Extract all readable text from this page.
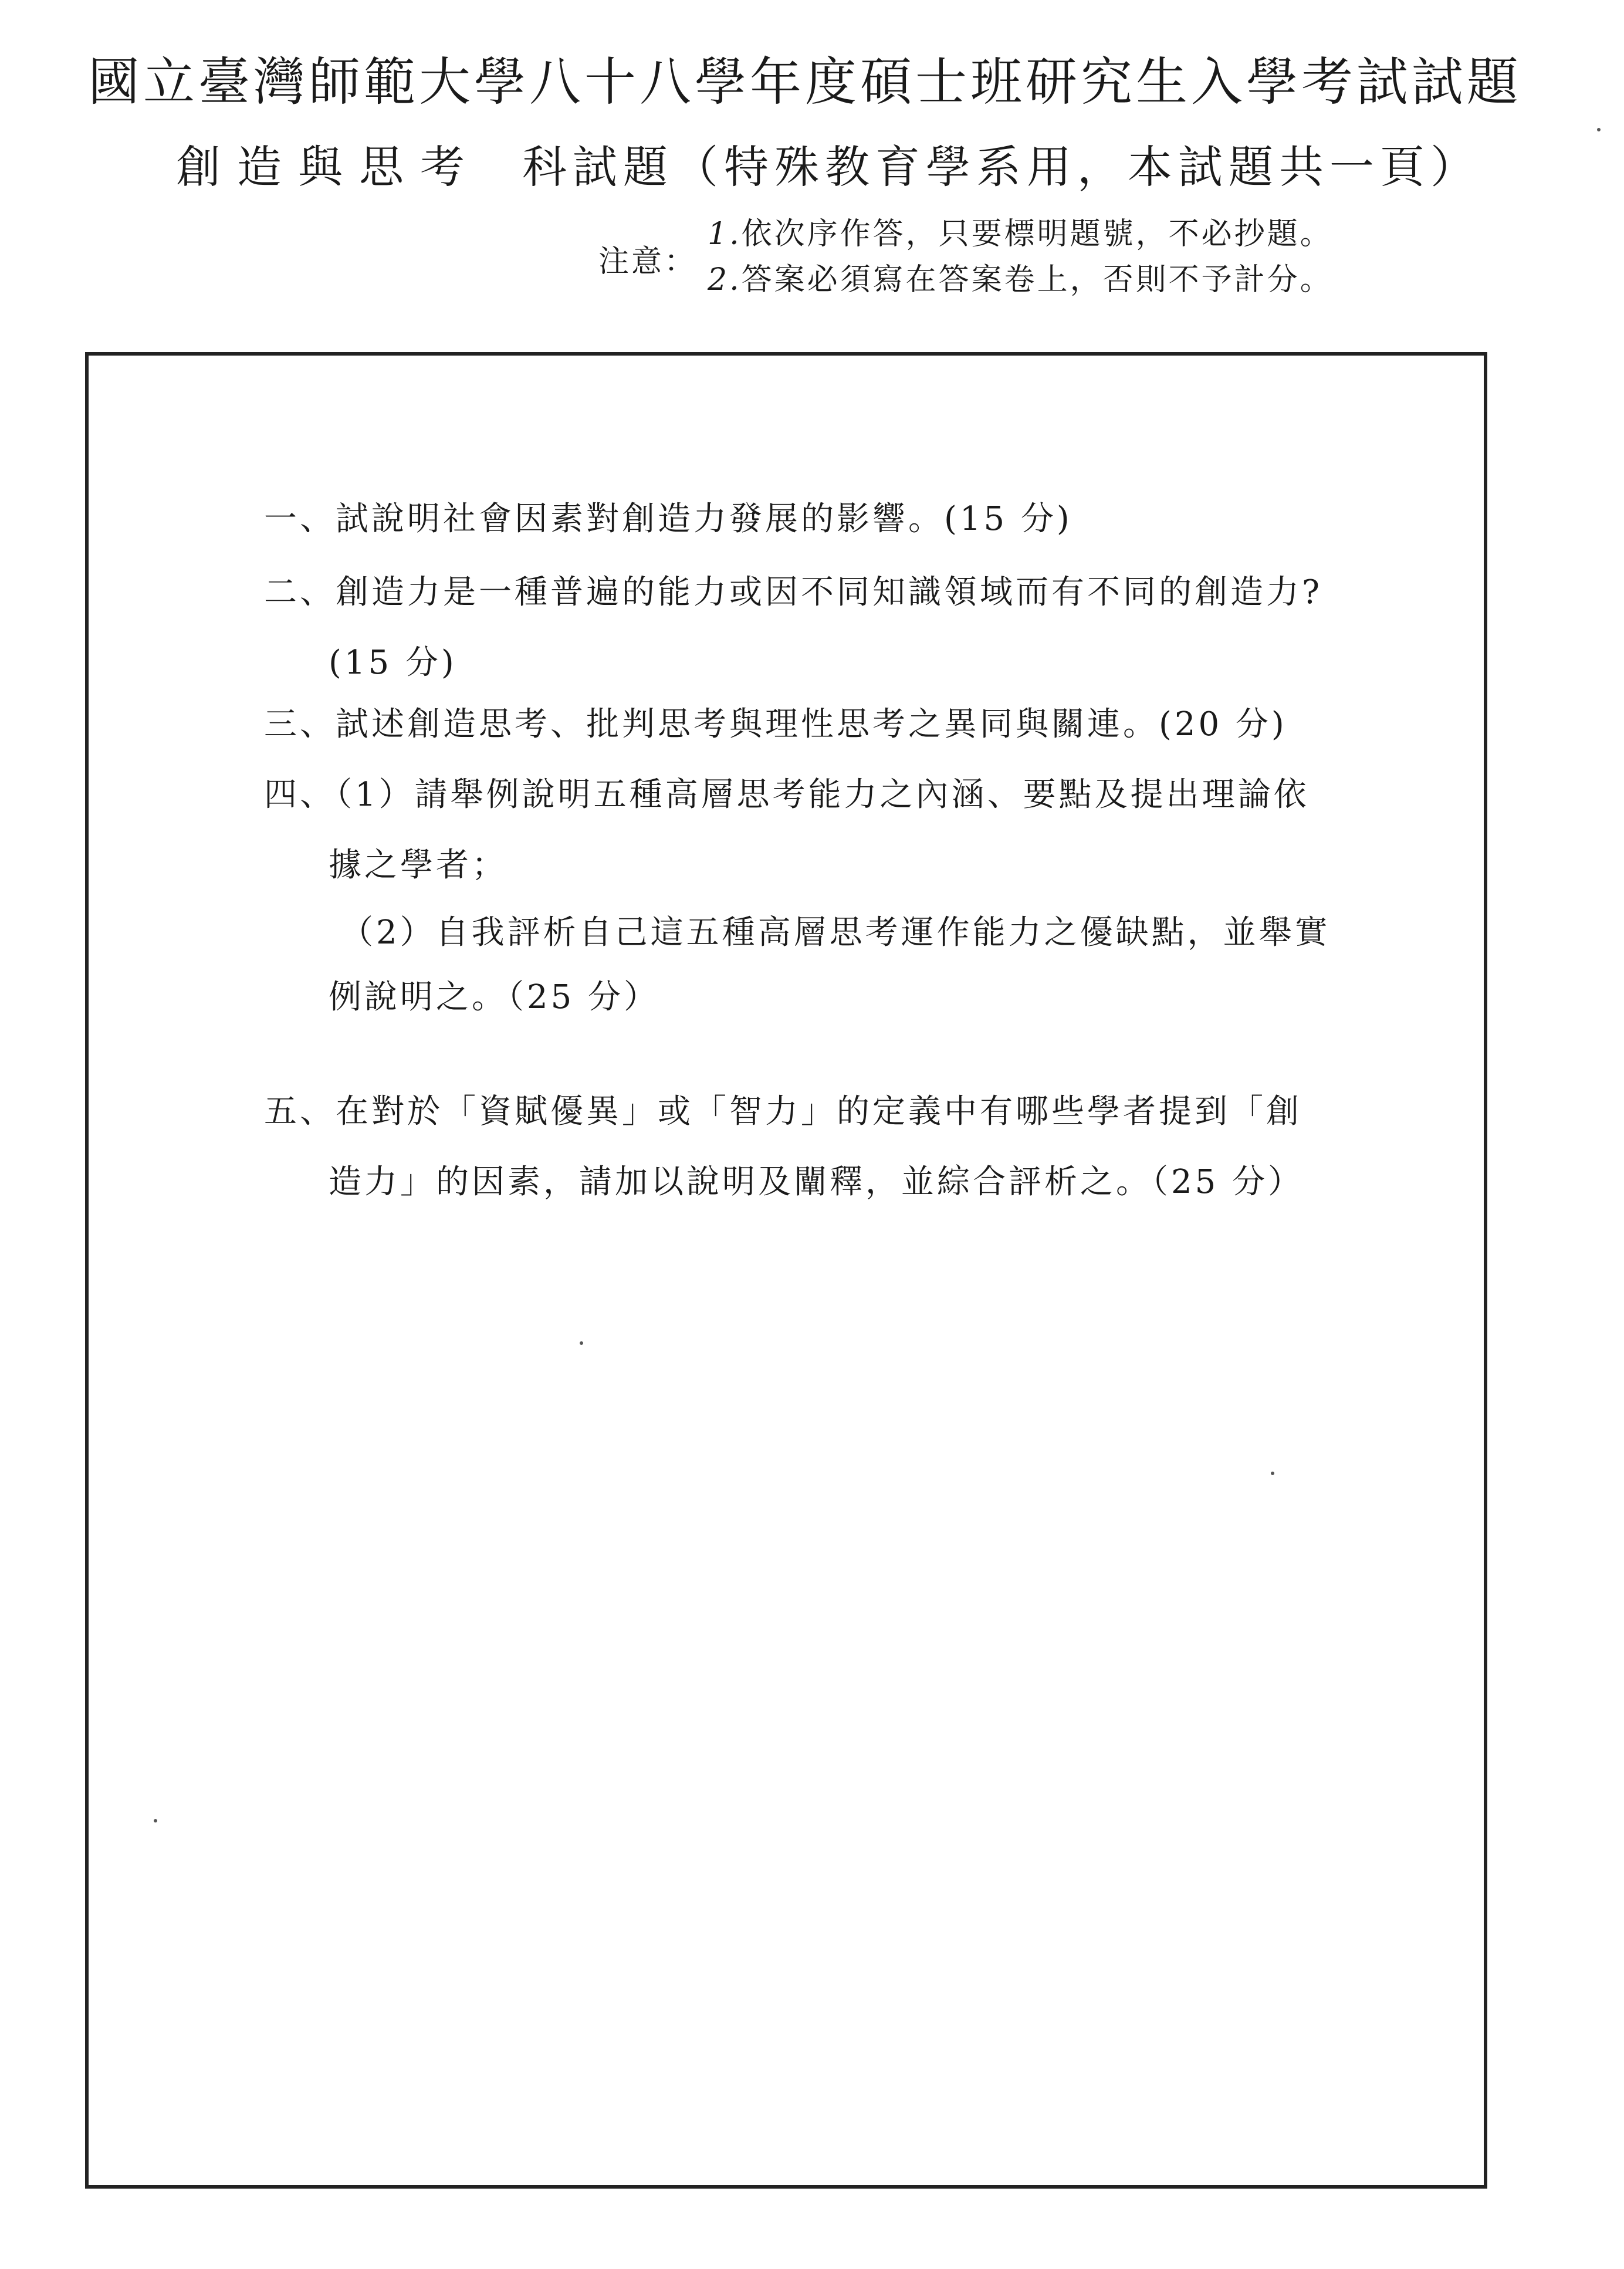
國立臺灣師範大學八十八學年度碩士班研究生入學考試試題
創造與思考 科試題（特殊教育學系用，本試題共一頁）
注意：
1.依次序作答，只要標明題號，不必抄題。
2.答案必須寫在答案卷上，否則不予計分。
一、試說明社會因素對創造力發展的影響。(15 分)
二、創造力是一種普遍的能力或因不同知識領域而有不同的創造力?
(15 分)
三、試述創造思考、批判思考與理性思考之異同與關連。(20 分)
四、（1）請舉例說明五種高層思考能力之內涵、要點及提出理論依
據之學者；
（2）自我評析自己這五種高層思考運作能力之優缺點，並舉實
例說明之。（25 分）
五、在對於「資賦優異」或「智力」的定義中有哪些學者提到「創
造力」的因素，請加以說明及闡釋，並綜合評析之。（25 分）
